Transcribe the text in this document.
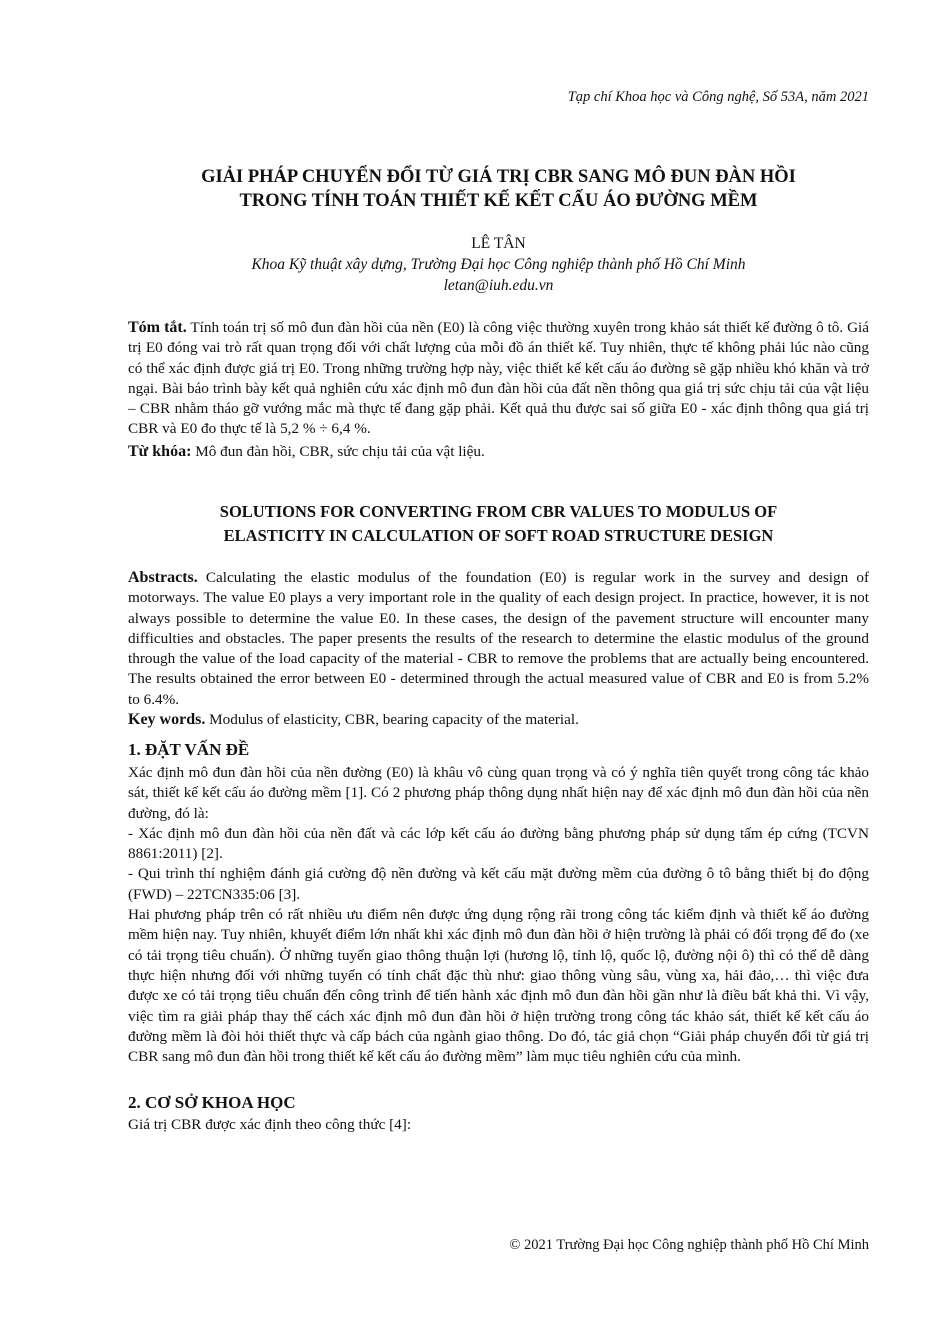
Tạp chí Khoa học và Công nghệ, Số 53A, năm 2021
GIẢI PHÁP CHUYỂN ĐỔI TỪ GIÁ TRỊ CBR SANG MÔ ĐUN ĐÀN HỒI
TRONG TÍNH TOÁN THIẾT KẾ KẾT CẤU ÁO ĐƯỜNG MỀM
LÊ TÂN
Khoa Kỹ thuật xây dựng, Trường Đại học Công nghiệp thành phố Hồ Chí Minh
letan@iuh.edu.vn

Tóm tắt. Tính toán trị số mô đun đàn hồi của nền (E0) là công việc thường xuyên trong khảo sát thiết kế đường ô tô. Giá trị E0 đóng vai trò rất quan trọng đối với chất lượng của mỗi đồ án thiết kế. Tuy nhiên, thực tế không phải lúc nào cũng có thể xác định được giá trị E0. Trong những trường hợp này, việc thiết kế kết cấu áo đường sẽ gặp nhiều khó khăn và trở ngại. Bài báo trình bày kết quả nghiên cứu xác định mô đun đàn hồi của đất nền thông qua giá trị sức chịu tải của vật liệu – CBR nhằm tháo gỡ vướng mắc mà thực tế đang gặp phải. Kết quả thu được sai số giữa E0 - xác định thông qua giá trị CBR và E0 đo thực tế là 5,2 % ÷ 6,4 %.

Từ khóa: Mô đun đàn hồi, CBR, sức chịu tải của vật liệu.

SOLUTIONS FOR CONVERTING FROM CBR VALUES TO MODULUS OF
ELASTICITY IN CALCULATION OF SOFT ROAD STRUCTURE DESIGN

Abstracts. Calculating the elastic modulus of the foundation (E0) is regular work in the survey and design of motorways. The value E0 plays a very important role in the quality of each design project. In practice, however, it is not always possible to determine the value E0. In these cases, the design of the pavement structure will encounter many difficulties and obstacles. The paper presents the results of the research to determine the elastic modulus of the ground through the value of the load capacity of the material - CBR to remove the problems that are actually being encountered. The results obtained the error between E0 - determined through the actual measured value of CBR and E0 is from 5.2% to 6.4%.

Key words. Modulus of elasticity, CBR, bearing capacity of the material.

1. ĐẶT VẤN ĐỀ

Xác định mô đun đàn hồi của nền đường (E0) là khâu vô cùng quan trọng và có ý nghĩa tiên quyết trong công tác khảo sát, thiết kế kết cấu áo đường mềm [1]. Có 2 phương pháp thông dụng nhất hiện nay để xác định mô đun đàn hồi của nền đường, đó là:

- Xác định mô đun đàn hồi của nền đất và các lớp kết cấu áo đường bằng phương pháp sử dụng tấm ép cứng (TCVN 8861:2011) [2].

- Qui trình thí nghiệm đánh giá cường độ nền đường và kết cấu mặt đường mềm của đường ô tô bằng thiết bị đo động (FWD) – 22TCN335:06 [3].

Hai phương pháp trên có rất nhiều ưu điểm nên được ứng dụng rộng rãi trong công tác kiểm định và thiết kế áo đường mềm hiện nay. Tuy nhiên, khuyết điểm lớn nhất khi xác định mô đun đàn hồi ở hiện trường là phải có đối trọng để đo (xe có tải trọng tiêu chuẩn). Ở những tuyến giao thông thuận lợi (hương lộ, tỉnh lộ, quốc lộ, đường nội ô) thì có thể dễ dàng thực hiện nhưng đối với những tuyến có tính chất đặc thù như: giao thông vùng sâu, vùng xa, hải đảo,… thì việc đưa được xe có tải trọng tiêu chuẩn đến công trình để tiến hành xác định mô đun đàn hồi gần như là điều bất khả thi. Vì vậy, việc tìm ra giải pháp thay thế cách xác định mô đun đàn hồi ở hiện trường trong công tác khảo sát, thiết kế kết cấu áo đường mềm là đòi hỏi thiết thực và cấp bách của ngành giao thông. Do đó, tác giả chọn “Giải pháp chuyển đổi từ giá trị CBR sang mô đun đàn hồi trong thiết kế kết cấu áo đường mềm” làm mục tiêu nghiên cứu của mình.

2. CƠ SỞ KHOA HỌC
Giá trị CBR được xác định theo công thức [4]:
© 2021 Trường Đại học Công nghiệp thành phố Hồ Chí Minh
